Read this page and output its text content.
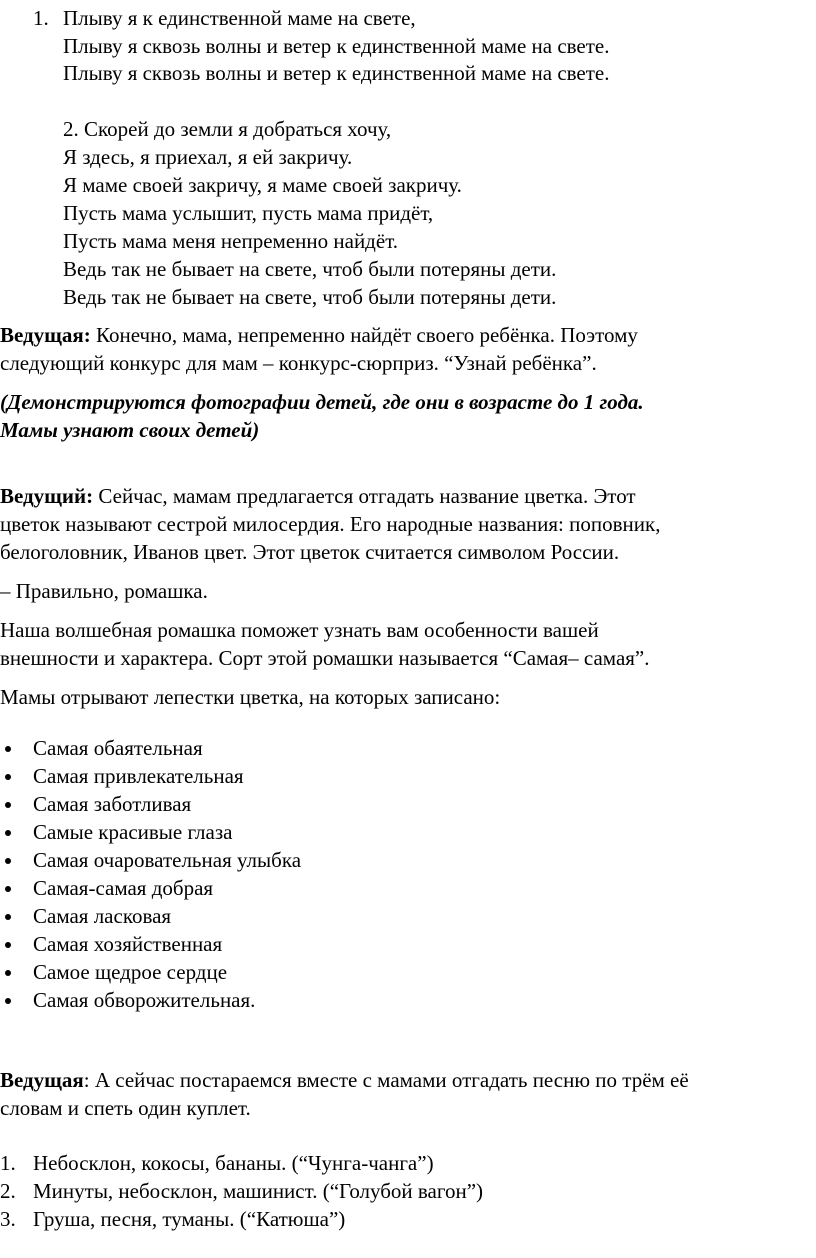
1. Плыву я к единственной маме на свете,
Плыву я сквозь волны и ветер к единственной маме на свете.
Плыву я сквозь волны и ветер к единственной маме на свете.
2. Скорей до земли я добраться хочу,
Я здесь, я приехал, я ей закричу.
Я маме своей закричу, я маме своей закричу.
Пусть мама услышит, пусть мама придёт,
Пусть мама меня непременно найдёт.
Ведь так не бывает на свете, чтоб были потеряны дети.
Ведь так не бывает на свете, чтоб были потеряны дети.
Ведущая: Конечно, мама, непременно найдёт своего ребёнка. Поэтому
следующий конкурс для мам – конкурс-сюрприз. “Узнай ребёнка”.
(Демонстрируются фотографии детей, где они в возрасте до 1 года.
Мамы узнают своих детей)
Ведущий: Сейчас, мамам предлагается отгадать название цветка. Этот
цветок называют сестрой милосердия. Его народные названия: поповник,
белоголовник, Иванов цвет. Этот цветок считается символом России.
– Правильно, ромашка.
Наша волшебная ромашка поможет узнать вам особенности вашей
внешности и характера. Сорт этой ромашки называется “Самая– самая”.
Мамы отрывают лепестки цветка, на которых записано:
Самая обаятельная
Самая привлекательная
Самая заботливая
Самые красивые глаза
Самая очаровательная улыбка
Самая-самая добрая
Самая ласковая
Самая хозяйственная
Самое щедрое сердце
Самая обворожительная.
Ведущая: А сейчас постараемся вместе с мамами отгадать песню по трём её
словам и спеть один куплет.
1. Небосклон, кокосы, бананы. (“Чунга-чанга”)
2. Минуты, небосклон, машинист. (“Голубой вагон”)
3. Груша, песня, туманы. (“Катюша”)
